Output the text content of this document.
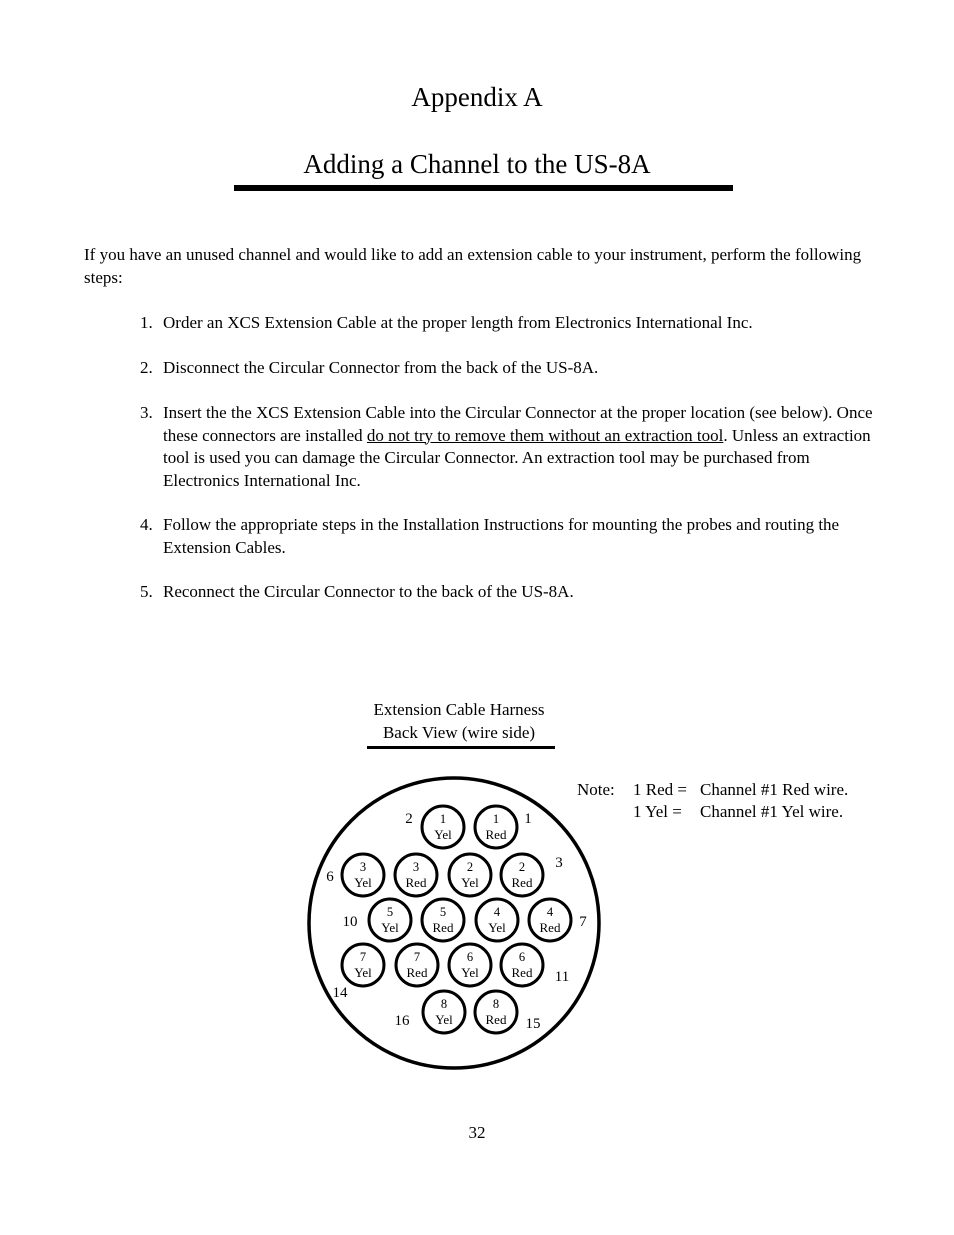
Appendix A
Adding a Channel to the US-8A
If you have an unused channel and would like to add an extension cable to your instrument, perform the following steps:
1. Order an XCS Extension Cable at the proper length from Electronics International Inc.
2. Disconnect the Circular Connector from the back of the US-8A.
3. Insert the the XCS Extension Cable into the Circular Connector at the proper location (see below). Once these connectors are installed do not try to remove them without an extraction tool. Unless an extraction tool is used you can damage the Circular Connector. An extraction tool may be purchased from Electronics International Inc.
4. Follow the appropriate steps in the Installation Instructions for mounting the probes and routing the Extension Cables.
5. Reconnect the Circular Connector to the back of the US-8A.
Extension Cable Harness
Back View (wire side)
Note: 1 Red = Channel #1 Red wire.
1 Yel = Channel #1 Yel wire.
1
Yel
1
Red
3
Yel
3
Red
2
Yel
2
Red
5
Yel
5
Red
4
Yel
4
Red
7
Yel
7
Red
6
Yel
6
Red
8
Yel
8
Red
2	1
3
6
10	7
11
14
16	15
32
